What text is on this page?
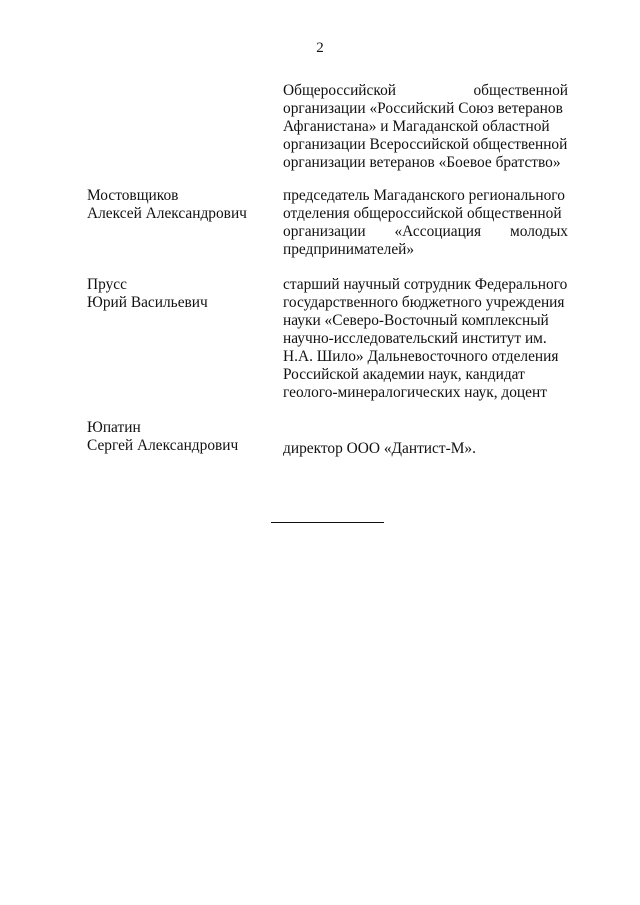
2
Общероссийской	общественной
организации «Российский Союз ветеранов
Афганистана» и Магаданской областной
организации Всероссийской общественной
организации ветеранов «Боевое братство»
Мостовщиков
Алексей Александрович
председатель Магаданского регионального
отделения общероссийской общественной
организации «Ассоциация молодых
предпринимателей»
Прусс
Юрий Васильевич
старший научный сотрудник Федерального
государственного бюджетного учреждения
науки «Северо-Восточный комплексный
научно-исследовательский институт им.
Н.А. Шило» Дальневосточного отделения
Российской академии наук, кандидат
геолого-минералогических наук, доцент
Юпатин
Сергей Александрович	директор ООО «Дантист-М».
